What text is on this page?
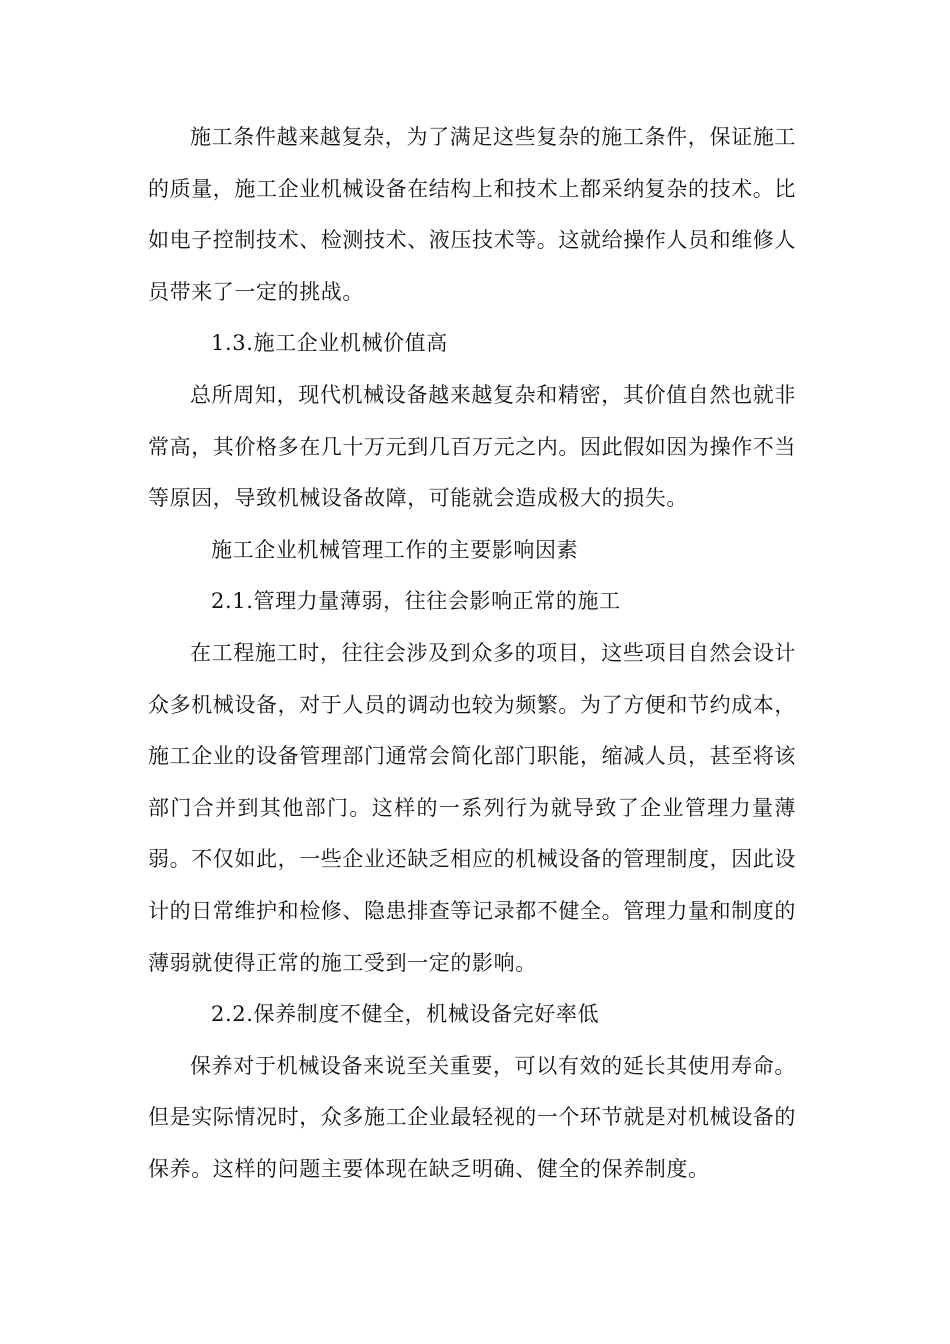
施工条件越来越复杂，为了满足这些复杂的施工条件，保证施工的质量，施工企业机械设备在结构上和技术上都采纳复杂的技术。比如电子控制技术、检测技术、液压技术等。这就给操作人员和维修人员带来了一定的挑战。

1.3.施工企业机械价值高

总所周知，现代机械设备越来越复杂和精密，其价值自然也就非常高，其价格多在几十万元到几百万元之内。因此假如因为操作不当等原因，导致机械设备故障，可能就会造成极大的损失。

施工企业机械管理工作的主要影响因素

2.1.管理力量薄弱，往往会影响正常的施工

在工程施工时，往往会涉及到众多的项目，这些项目自然会设计众多机械设备，对于人员的调动也较为频繁。为了方便和节约成本，施工企业的设备管理部门通常会简化部门职能，缩减人员，甚至将该部门合并到其他部门。这样的一系列行为就导致了企业管理力量薄弱。不仅如此，一些企业还缺乏相应的机械设备的管理制度，因此设计的日常维护和检修、隐患排查等记录都不健全。管理力量和制度的薄弱就使得正常的施工受到一定的影响。

2.2.保养制度不健全，机械设备完好率低

保养对于机械设备来说至关重要，可以有效的延长其使用寿命。但是实际情况时，众多施工企业最轻视的一个环节就是对机械设备的保养。这样的问题主要体现在缺乏明确、健全的保养制度。
